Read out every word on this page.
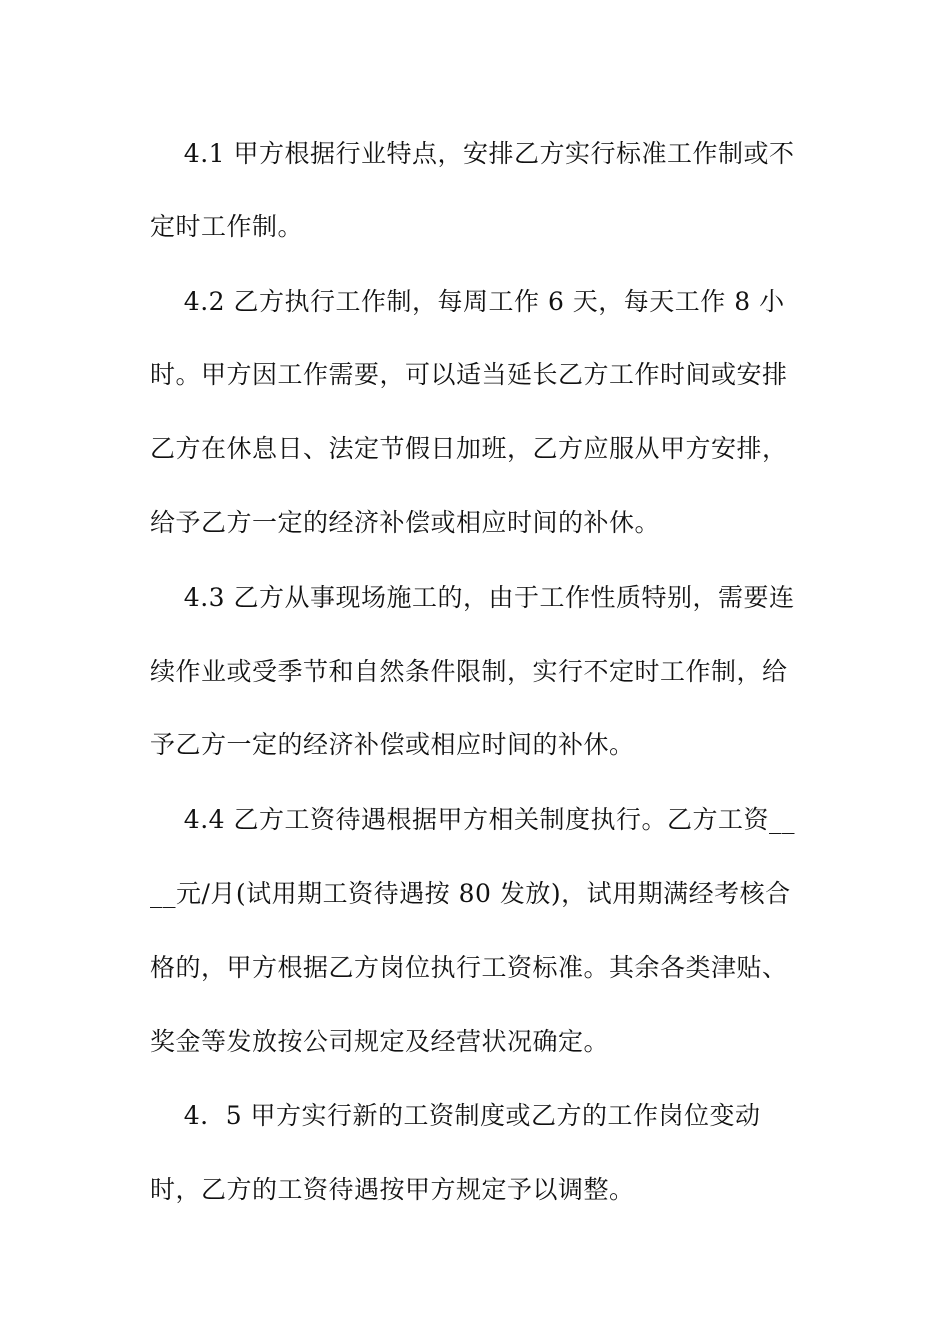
4.1 甲方根据行业特点，安排乙方实行标准工作制或不
定时工作制。
4.2 乙方执行工作制，每周工作 6 天，每天工作 8 小
时。甲方因工作需要，可以适当延长乙方工作时间或安排
乙方在休息日、法定节假日加班，乙方应服从甲方安排，
给予乙方一定的经济补偿或相应时间的补休。
4.3 乙方从事现场施工的，由于工作性质特别，需要连
续作业或受季节和自然条件限制，实行不定时工作制，给
予乙方一定的经济补偿或相应时间的补休。
4.4 乙方工资待遇根据甲方相关制度执行。乙方工资__
__元/月(试用期工资待遇按 80 发放)，试用期满经考核合
格的，甲方根据乙方岗位执行工资标准。其余各类津贴、
奖金等发放按公司规定及经营状况确定。
4．5 甲方实行新的工资制度或乙方的工作岗位变动
时，乙方的工资待遇按甲方规定予以调整。
